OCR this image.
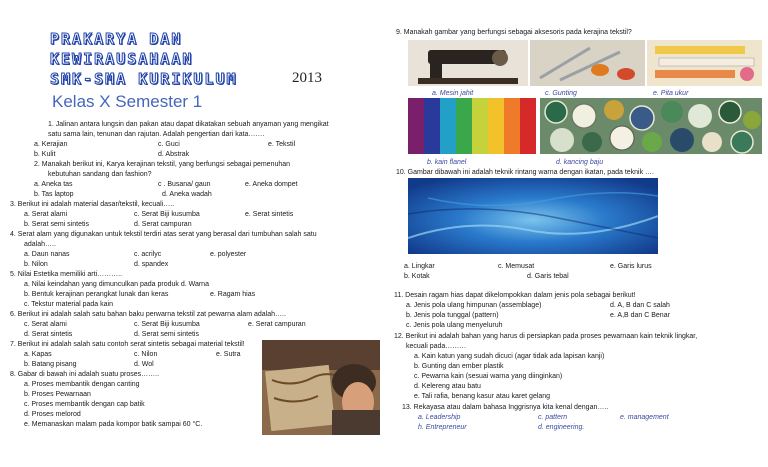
PRAKARYA DAN
KEWIRAUSAHAAN
SMK-SMA KURIKULUM	2013
Kelas X Semester 1
1. Jalinan antara lungsin dan pakan atau dapat dikatakan sebuah anyaman yang mengikat
satu sama lain, tenunan dan rajutan. Adalah pengertian dari kata…….
a. Kerajian	c. Guci	e. Tekstil
b. Kulit	d. Abstrak
2. Manakah berikut ini, Karya kerajinan tekstil, yang berfungsi sebagai pemenuhan
kebutuhan sandang dan fashion?
a. Aneka tas	c . Busana/ gaun	e. Aneka dompet
b. Tas laptop	d. Aneka wadah
3. Berikut ini adalah material dasar/tekstil, kecuali…..
a. Serat alami	c. Serat Biji kusumba	e. Serat sintetis
b. Serat semi sintetis	d. Serat campuran
4. Serat alam yang digunakan untuk tekstil terdiri atas serat yang berasal dari tumbuhan salah satu
adalah…..
a. Daun nanas	c. acrilyc	e. polyester
b. Nilon	d. spandex
5. Nilai Estetika memiliki arti………..
a. Nilai keindahan yang dimunculkan pada produk d. Warna
b. Bentuk kerajinan perangkat lunak dan keras	e. Ragam hias
c. Tekstur material pada kain
6. Berikut ini adalah salah satu bahan baku perwarna tekstil zat pewarna alam adalah…..
c. Serat alami	c. Serat Biji kusumba	e. Serat campuran
d. Serat sintetis	d. Serat semi sintetis
7. Berikut ini adalah salah satu contoh serat sintetis sebagai material tekstil!
a. Kapas	c. Nilon	e. Sutra
b. Batang pisang	d. Wol
8. Gabar di bawah ini adalah suatu proses……..
a. Proses membantik dengan canting
b. Proses Pewarnaan
c. Proses membantik dengan cap batik
d. Proses melorod
e. Memanaskan malam pada kompor batik sampai 60 °C.
9. Manakah gambar yang berfungsi sebagai aksesoris pada kerajina tekstil?
a. Mesin jahit	c. Gunting	e. Pita ukur
b. kain flanel	d. kancing baju
10. Gambar dibawah ini adalah teknik rintang warna dengan ikatan, pada teknik ….
a. Lingkar	c. Memusat	e. Garis lurus
b. Kotak	d. Garis tebal
11. Desain ragam hias dapat dikelompokkan dalam jenis pola sebagai berikut!
a. Jenis pola ulang himpunan (assemblage)	d. A, B dan C salah
b. Jenis pola tunggal (pattern)	e. A,B dan C Benar
c. Jenis pola ulang menyeluruh
12. Berikut ini adalah bahan yang harus di persiapkan pada proses pewarnaan kain teknik lingkar,
kecuali pada………
a. Kain katun yang sudah dicuci (agar tidak ada lapisan kanji)
b. Gunting dan ember plastik
c. Pewarna kain (sesuai warna yang diinginkan)
d. Kelereng atau batu
e. Tali rafia, benang kasur atau karet gelang
13. Rekayasa atau dalam bahasa Inggrisnya kita kenal dengan…..
a. Leadership	c. pattern	e. management
h. Entrepreneur	d. engineering.
